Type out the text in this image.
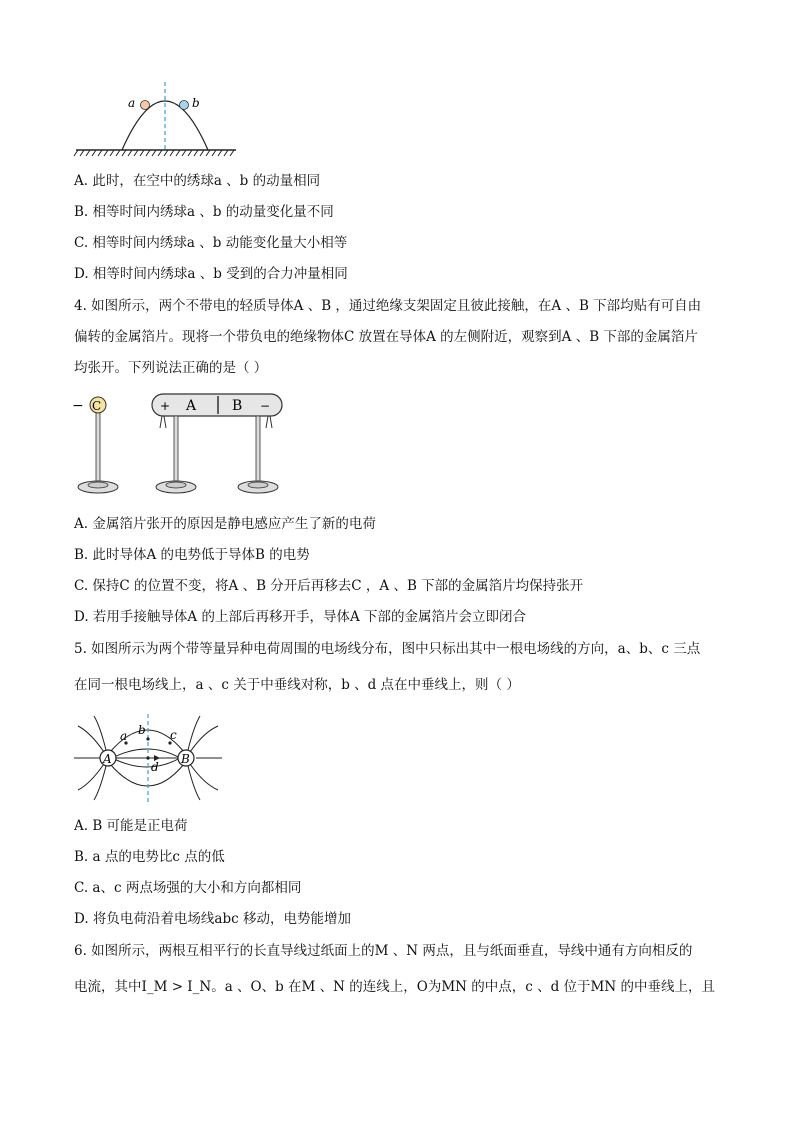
a	b
A. 此时，在空中的绣球a 、b 的动量相同
B. 相等时间内绣球a 、b 的动量变化量不同
C. 相等时间内绣球a 、b 动能变化量大小相等
D. 相等时间内绣球a 、b 受到的合力冲量相同
4. 如图所示，两个不带电的轻质导体A 、B ，通过绝缘支架固定且彼此接触，在A 、B 下部均贴有可自由
偏转的金属箔片。现将一个带负电的绝缘物体C 放置在导体A 的左侧附近，观察到A 、B 下部的金属箔片
均张开。下列说法正确的是（ ）
− C	+ A	B −
A. 金属箔片张开的原因是静电感应产生了新的电荷
B. 此时导体A 的电势低于导体B 的电势
C. 保持C 的位置不变，将A 、B 分开后再移去C ，A 、B 下部的金属箔片均保持张开
D. 若用手接触导体A 的上部后再移开手，导体A 下部的金属箔片会立即闭合
5. 如图所示为两个带等量异种电荷周围的电场线分布，图中只标出其中一根电场线的方向，a、b、c 三点
在同一根电场线上，a 、c 关于中垂线对称，b 、d 点在中垂线上，则（ ）
A	B
a b c
d
A. B 可能是正电荷
B. a 点的电势比c 点的低
C. a、c 两点场强的大小和方向都相同
D. 将负电荷沿着电场线abc 移动，电势能增加
6. 如图所示，两根互相平行的长直导线过纸面上的M 、N 两点，且与纸面垂直，导线中通有方向相反的
电流，其中I_M > I_N。a 、O、b 在M 、N 的连线上，O为MN 的中点，c 、d 位于MN 的中垂线上，且
